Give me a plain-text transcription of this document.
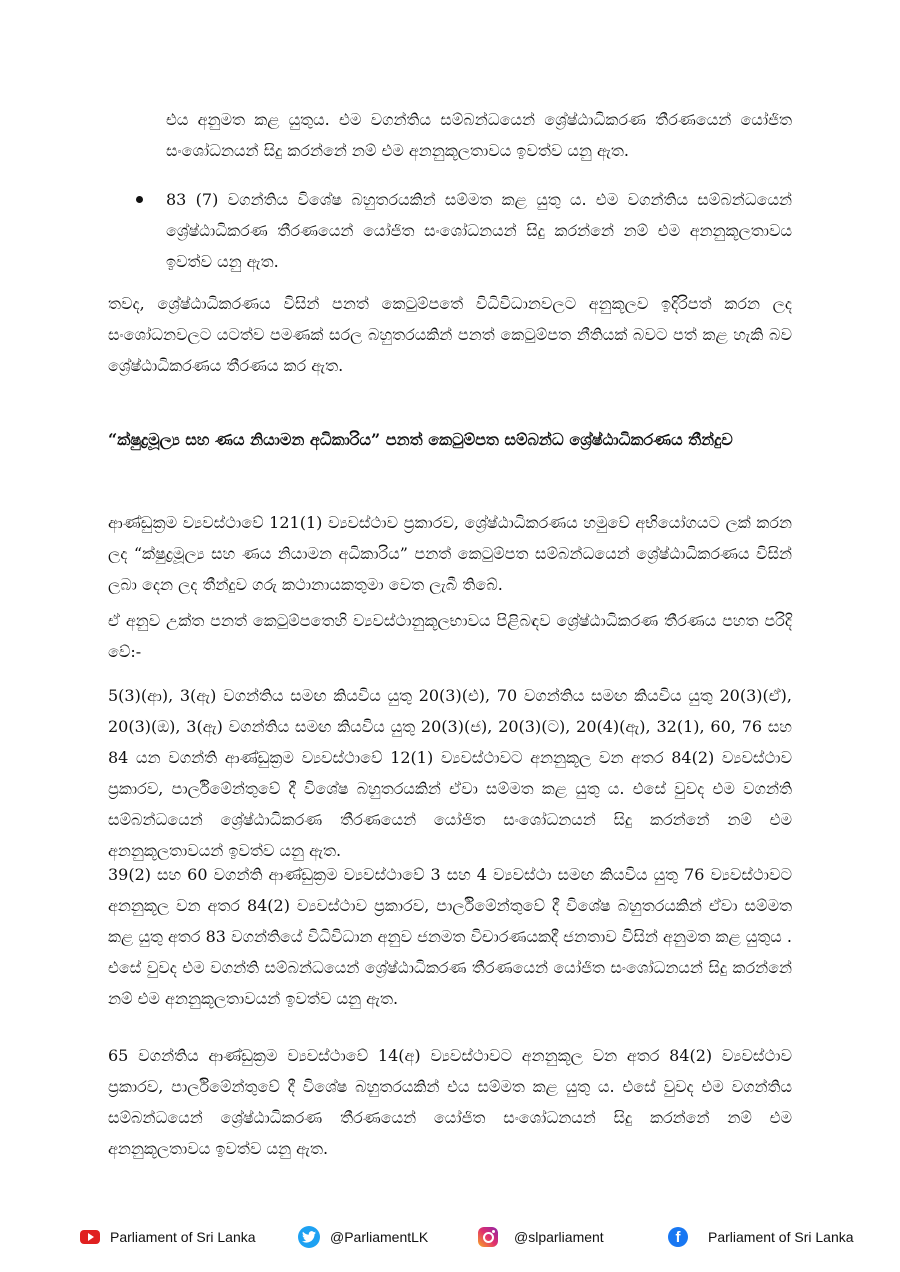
එය අනුමත කළ යුතුය. එම වගන්තිය සම්බන්ධයෙන් ශ්‍රේෂ්ඨාධිකරණ තීරණයෙන් යෝජිත සංශෝධනයන් සිදු කරන්නේ නම් එම අනනුකූලතාවය ඉවත්ව යනු ඇත.

83 (7) වගන්තිය විශේෂ බහුතරයකින් සම්මත කළ යුතු ය. එම වගන්තිය සම්බන්ධයෙන් ශ්‍රේෂ්ඨාධිකරණ තීරණයෙන් යෝජිත සංශෝධනයන් සිදු කරන්නේ නම් එම අනනුකූලතාවය ඉවත්ව යනු ඇත.

තවද, ශ්‍රේෂ්ඨාධිකරණය විසින් පනත් කෙටුම්පතේ විධිවිධානවලට අනුකූලව ඉදිරිපත් කරන ලද සංශෝධනවලට යටත්ව පමණක් සරල බහුතරයකින් පනත් කෙටුම්පත නීතියක් බවට පත් කළ හැකි බව ශ්‍රේෂ්ඨාධිකරණය තීරණය කර ඇත.

“ක්ෂුද්‍රමූල්‍ය සහ ණය නියාමන අධිකාරිය” පනත් කෙටුම්පත සම්බන්ධ ශ්‍රේෂ්ඨාධිකරණය තීන්දුව

ආණ්ඩුක්‍රම ව්‍යවස්ථාවේ 121(1) ව්‍යවස්ථාව ප්‍රකාරව, ශ්‍රේෂ්ඨාධිකරණය හමුවේ අභියෝගයට ලක් කරන ලද “ක්ෂුද්‍රමූල්‍ය සහ ණය නියාමන අධිකාරිය” පනත් කෙටුම්පත සම්බන්ධයෙන් ශ්‍රේෂ්ඨාධිකරණය විසින් ලබා දෙන ලද තීන්දුව ගරු කථානායකතුමා වෙත ලැබී තිබේ.

ඒ අනුව උක්ත පනත් කෙටුම්පතෙහි ව්‍යවස්ථානුකූලභාවය පිළිබඳව ශ්‍රේෂ්ඨාධිකරණ තීරණය පහත පරිදි වේ:-

5(3)(ආ), 3(ඇ) වගන්තිය සමඟ කියවිය යුතු 20(3)(එ), 70 වගන්තිය සමඟ කියවිය යුතු 20(3)(ඒ), 20(3)(ඔ), 3(ඇ) වගන්තිය සමඟ කියවිය යුතු 20(3)(ජ), 20(3)(ට), 20(4)(ඇ), 32(1), 60, 76 සහ 84 යන වගන්ති ආණ්ඩුක්‍රම ව්‍යවස්ථාවේ 12(1) ව්‍යවස්ථාවට අනනුකූල වන අතර 84(2) ව්‍යවස්ථාව ප්‍රකාරව, පාර්ලිමේන්තුවේ දී විශේෂ බහුතරයකින් ඒවා සම්මත කළ යුතු ය. එසේ වුවද එම වගන්ති සම්බන්ධයෙන් ශ්‍රේෂ්ඨාධිකරණ තීරණයෙන් යෝජිත සංශෝධනයන් සිදු කරන්නේ නම් එම අනනුකූලතාවයන් ඉවත්ව යනු ඇත.

39(2) සහ 60 වගන්ති ආණ්ඩුක්‍රම ව්‍යවස්ථාවේ 3 සහ 4 ව්‍යවස්ථා සමඟ කියවිය යුතු 76 ව්‍යවස්ථාවට අනනුකූල වන අතර 84(2) ව්‍යවස්ථාව ප්‍රකාරව, පාර්ලිමේන්තුවේ දී විශේෂ බහුතරයකින් ඒවා සම්මත කළ යුතු අතර 83 වගන්තියේ විධිවිධාන අනුව ජනමත විචාරණයකදී ජනතාව විසින් අනුමත කළ යුතුය . එසේ වුවද එම වගන්ති සම්බන්ධයෙන් ශ්‍රේෂ්ඨාධිකරණ තීරණයෙන් යෝජිත සංශෝධනයන් සිදු කරන්නේ නම් එම අනනුකූලතාවයන් ඉවත්ව යනු ඇත.

65 වගන්තිය ආණ්ඩුක්‍රම ව්‍යවස්ථාවේ 14(අ) ව්‍යවස්ථාවට අනනුකූල වන අතර 84(2) ව්‍යවස්ථාව ප්‍රකාරව, පාර්ලිමේන්තුවේ දී විශේෂ බහුතරයකින් එය සම්මත කළ යුතු ය. එසේ වුවද එම වගන්තිය සම්බන්ධයෙන් ශ්‍රේෂ්ඨාධිකරණ තීරණයෙන් යෝජිත සංශෝධනයන් සිදු කරන්නේ නම් එම අනනුකූලතාවය ඉවත්ව යනු ඇත.

Parliament of Sri Lanka	@ParliamentLK	@slparliament	f	Parliament of Sri Lanka
